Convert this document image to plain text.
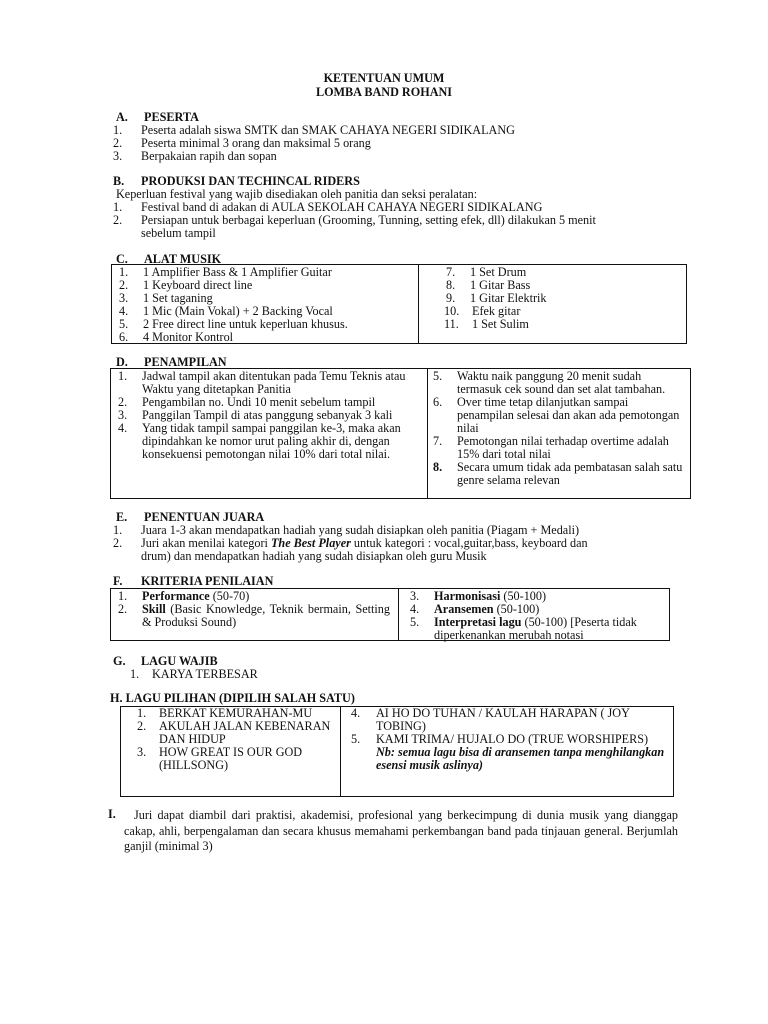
KETENTUAN UMUM
LOMBA BAND ROHANI
A. PESERTA
1. Peserta adalah siswa SMTK dan SMAK CAHAYA NEGERI SIDIKALANG
2. Peserta minimal 3 orang dan maksimal 5 orang
3. Berpakaian rapih dan sopan
B. PRODUKSI DAN TECHINCAL RIDERS
Keperluan festival yang wajib disediakan oleh panitia dan seksi peralatan:
1. Festival band di adakan di AULA SEKOLAH CAHAYA NEGERI SIDIKALANG
2. Persiapan untuk berbagai keperluan (Grooming, Tunning, setting efek, dll) dilakukan 5 menit
sebelum tampil
C. ALAT MUSIK
1. 1 Amplifier Bass & 1 Amplifier Guitar
2. 1 Keyboard direct line
3. 1 Set taganing
4. 1 Mic (Main Vokal) + 2 Backing Vocal
5. 2 Free direct line untuk keperluan khusus.
6. 4 Monitor Kontrol
7. 1 Set Drum
8. 1 Gitar Bass
9. 1 Gitar Elektrik
10. Efek gitar
11. 1 Set Sulim
D. PENAMPILAN
1. Jadwal tampil akan ditentukan pada Temu Teknis atau Waktu yang ditetapkan Panitia
2. Pengambilan no. Undi 10 menit sebelum tampil
3. Panggilan Tampil di atas panggung sebanyak 3 kali
4. Yang tidak tampil sampai panggilan ke-3, maka akan dipindahkan ke nomor urut paling akhir di, dengan konsekuensi pemotongan nilai 10% dari total nilai.
5. Waktu naik panggung 20 menit sudah termasuk cek sound dan set alat tambahan.
6. Over time tetap dilanjutkan sampai penampilan selesai dan akan ada pemotongan nilai
7. Pemotongan nilai terhadap overtime adalah 15% dari total nilai
8. Secara umum tidak ada pembatasan salah satu genre selama relevan
E. PENENTUAN JUARA
1. Juara 1-3 akan mendapatkan hadiah yang sudah disiapkan oleh panitia (Piagam + Medali)
2. Juri akan menilai kategori The Best Player untuk kategori : vocal,guitar,bass, keyboard dan
drum) dan mendapatkan hadiah yang sudah disiapkan oleh guru Musik
F. KRITERIA PENILAIAN
1. Performance (50-70)
2. Skill (Basic Knowledge, Teknik bermain, Setting & Produksi Sound)
3. Harmonisasi (50-100)
4. Aransemen (50-100)
5. Interpretasi lagu (50-100) [Peserta tidak diperkenankan merubah notasi
G. LAGU WAJIB
1. KARYA TERBESAR
H. LAGU PILIHAN (DIPILIH SALAH SATU)
1. BERKAT KEMURAHAN-MU
2. AKULAH JALAN KEBENARAN DAN HIDUP
3. HOW GREAT IS OUR GOD (HILLSONG)
4. AI HO DO TUHAN / KAULAH HARAPAN ( JOY TOBING)
5. KAMI TRIMA/ HUJALO DO (TRUE WORSHIPERS)
Nb: semua lagu bisa di aransemen tanpa menghilangkan esensi musik aslinya)
I.	Juri dapat diambil dari praktisi, akademisi, profesional yang berkecimpung di dunia musik yang dianggap cakap, ahli, berpengalaman dan secara khusus memahami perkembangan band pada tinjauan general. Berjumlah ganjil (minimal 3)
